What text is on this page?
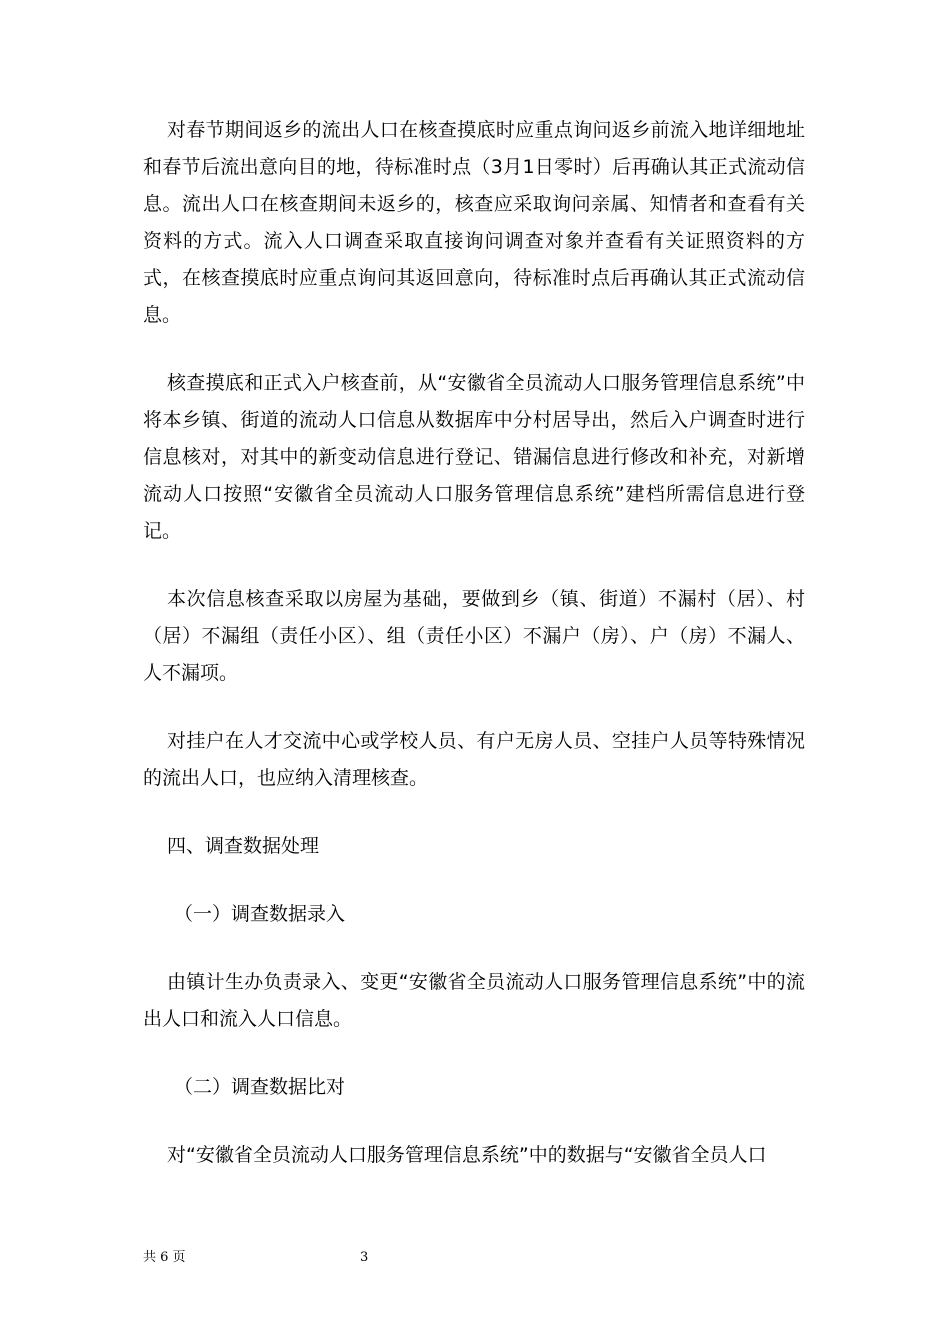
对春节期间返乡的流出人口在核查摸底时应重点询问返乡前流入地详细地址和春节后流出意向目的地，待标准时点（3月1日零时）后再确认其正式流动信息。流出人口在核查期间未返乡的，核查应采取询问亲属、知情者和查看有关资料的方式。流入人口调查采取直接询问调查对象并查看有关证照资料的方式，在核查摸底时应重点询问其返回意向，待标准时点后再确认其正式流动信息。

核查摸底和正式入户核查前，从“安徽省全员流动人口服务管理信息系统”中将本乡镇、街道的流动人口信息从数据库中分村居导出，然后入户调查时进行信息核对，对其中的新变动信息进行登记、错漏信息进行修改和补充，对新增流动人口按照“安徽省全员流动人口服务管理信息系统”建档所需信息进行登记。

本次信息核查采取以房屋为基础，要做到乡（镇、街道）不漏村（居）、村（居）不漏组（责任小区）、组（责任小区）不漏户（房）、户（房）不漏人、人不漏项。

对挂户在人才交流中心或学校人员、有户无房人员、空挂户人员等特殊情况的流出人口，也应纳入清理核查。

四、调查数据处理

（一）调查数据录入

由镇计生办负责录入、变更“安徽省全员流动人口服务管理信息系统”中的流出人口和流入人口信息。

（二）调查数据比对

对“安徽省全员流动人口服务管理信息系统”中的数据与“安徽省全员人口

共 6 页	3
